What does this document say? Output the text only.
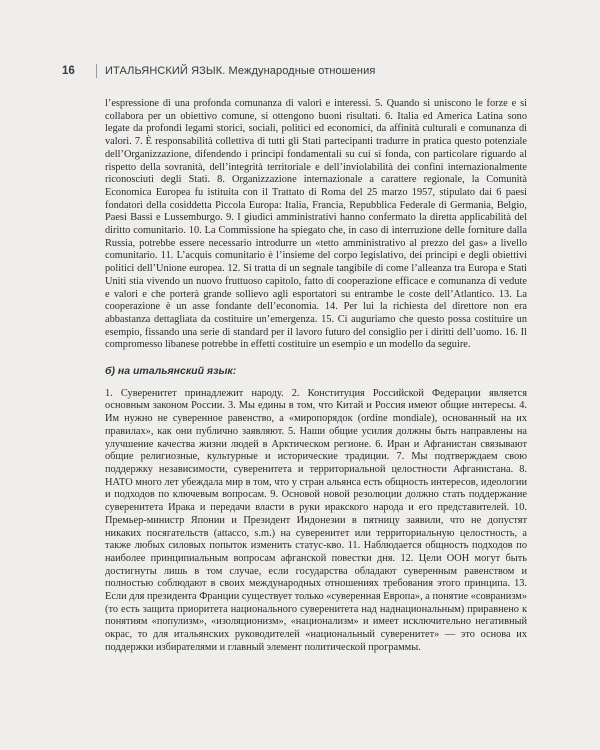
16	ИТАЛЬЯНСКИЙ ЯЗЫК. Международные отношения

l’espressione di una profonda comunanza di valori e interessi. 5. Quando si uniscono le forze e si collabora per un obiettivo comune, si ottengono buoni risultati. 6. Italia ed America Latina sono legate da profondi legami storici, sociali, politici ed economici, da affinità culturali e comunanza di valori. 7. È responsabilità collettiva di tutti gli Stati partecipanti tradurre in pratica questo potenziale dell’Organizzazione, difendendo i principi fondamentali su cui si fonda, con particolare riguardo al rispetto della sovranità, dell’integrità territoriale e dell’inviolabilità dei confini internazionalmente riconosciuti degli Stati. 8. Organizzazione internazionale a carattere regionale, la Comunità Economica Europea fu istituita con il Trattato di Roma del 25 marzo 1957, stipulato dai 6 paesi fondatori della cosiddetta Piccola Europa: Italia, Francia, Repubblica Federale di Germania, Belgio, Paesi Bassi e Lussemburgo. 9. I giudici amministrativi hanno confermato la diretta applicabilità del diritto comunitario. 10. La Commissione ha spiegato che, in caso di interruzione delle forniture dalla Russia, potrebbe essere necessario introdurre un «tetto amministrativo al prezzo del gas» a livello comunitario. 11. L’acquis comunitario è l’insieme del corpo legislativo, dei principi e degli obiettivi politici dell’Unione europea. 12. Si tratta di un segnale tangibile di come l’alleanza tra Europa e Stati Uniti stia vivendo un nuovo fruttuoso capitolo, fatto di cooperazione efficace e comunanza di vedute e valori e che porterà grande sollievo agli esportatori su entrambe le coste dell’Atlantico. 13. La cooperazione è un asse fondante dell’economia. 14. Per lui la richiesta del direttore non era abbastanza dettagliata da costituire un’emergenza. 15. Ci auguriamo che questo possa costituire un esempio, fissando una serie di standard per il lavoro futuro del consiglio per i diritti dell’uomo. 16. Il compromesso libanese potrebbe in effetti costituire un esempio e un modello da seguire.

б) на итальянский язык:

1. Суверенитет принадлежит народу. 2. Конституция Российской Федерации является основным законом России. 3. Мы едины в том, что Китай и Россия имеют общие интересы. 4. Им нужно не суверенное равенство, а «миропорядок (ordine mondiale), основанный на их правилах», как они публично заявляют. 5. Наши общие усилия должны быть направлены на улучшение качества жизни людей в Арктическом регионе. 6. Иран и Афганистан связывают общие религиозные, культурные и исторические традиции. 7. Мы подтверждаем свою поддержку независимости, суверенитета и территориальной целостности Афганистана. 8. НАТО много лет убеждала мир в том, что у стран альянса есть общность интересов, идеологии и подходов по ключевым вопросам. 9. Основой новой резолюции должно стать поддержание суверенитета Ирака и передачи власти в руки иракского народа и его представителей. 10. Премьер-министр Японии и Президент Индонезии в пятницу заявили, что не допустят никаких посягательств (attacco, s.m.) на суверенитет или территориальную целостность, а также любых силовых попыток изменить статус-кво. 11. Наблюдается общность подходов по наиболее принципиальным вопросам афганской повестки дня. 12. Цели ООН могут быть достигнуты лишь в том случае, если государства обладают суверенным равенством и полностью соблюдают в своих международных отношениях требования этого принципа. 13. Если для президента Франции существует только «суверенная Европа», а понятие «совранизм» (то есть защита приоритета национального суверенитета над наднациональным) приравнено к понятиям «популизм», «изоляционизм», «национализм» и имеет исключительно негативный окрас, то для итальянских руководителей «национальный суверенитет» — это основа их поддержки избирателями и главный элемент политической программы.
